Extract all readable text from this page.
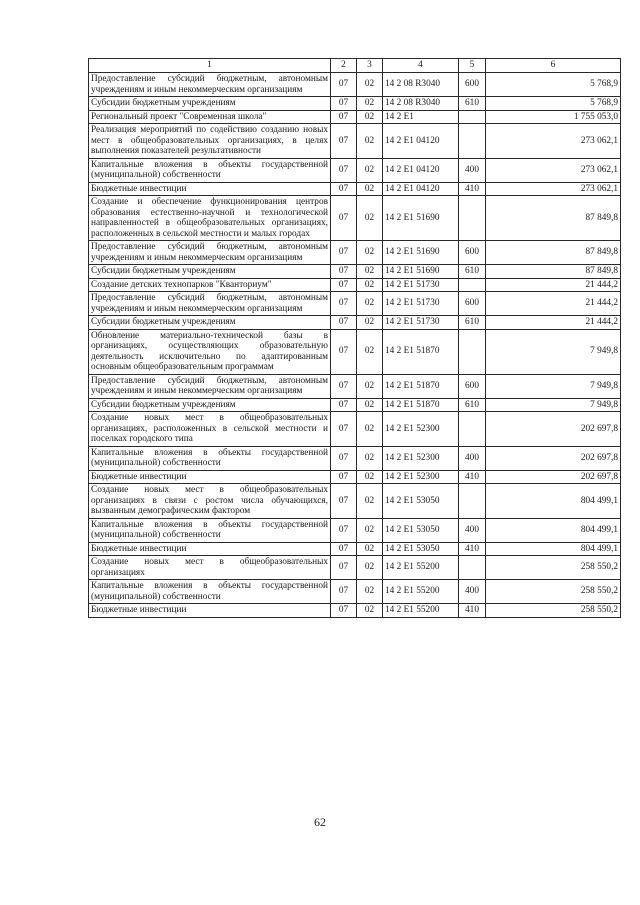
1	2	3	4	5	6
Предоставление субсидий бюджетным, автономным учреждениям и иным некоммерческим организациям	07	02	14 2 08 R3040	600	5 768,9
Субсидии бюджетным учреждениям	07	02	14 2 08 R3040	610	5 768,9
Региональный проект "Современная школа"	07	02	14 2 E1		1 755 053,0
Реализация мероприятий по содействию созданию новых мест в общеобразовательных организациях, в целях выполнения показателей результативности	07	02	14 2 E1 04120		273 062,1
Капитальные вложения в объекты государственной (муниципальной) собственности	07	02	14 2 E1 04120	400	273 062,1
Бюджетные инвестиции	07	02	14 2 E1 04120	410	273 062,1
Создание и обеспечение функционирования центров образования естественно-научной и технологической направленностей в общеобразовательных организациях, расположенных в сельской местности и малых городах	07	02	14 2 E1 51690		87 849,8
Предоставление субсидий бюджетным, автономным учреждениям и иным некоммерческим организациям	07	02	14 2 E1 51690	600	87 849,8
Субсидии бюджетным учреждениям	07	02	14 2 E1 51690	610	87 849,8
Создание детских технопарков "Кванториум"	07	02	14 2 E1 51730		21 444,2
Предоставление субсидий бюджетным, автономным учреждениям и иным некоммерческим организациям	07	02	14 2 E1 51730	600	21 444,2
Субсидии бюджетным учреждениям	07	02	14 2 E1 51730	610	21 444,2
Обновление материально-технической базы в организациях, осуществляющих образовательную деятельность исключительно по адаптированным основным общеобразовательным программам	07	02	14 2 E1 51870		7 949,8
Предоставление субсидий бюджетным, автономным учреждениям и иным некоммерческим организациям	07	02	14 2 E1 51870	600	7 949,8
Субсидии бюджетным учреждениям	07	02	14 2 E1 51870	610	7 949,8
Создание новых мест в общеобразовательных организациях, расположенных в сельской местности и поселках городского типа	07	02	14 2 E1 52300		202 697,8
Капитальные вложения в объекты государственной (муниципальной) собственности	07	02	14 2 E1 52300	400	202 697,8
Бюджетные инвестиции	07	02	14 2 E1 52300	410	202 697,8
Создание новых мест в общеобразовательных организациях в связи с ростом числа обучающихся, вызванным демографическим фактором	07	02	14 2 E1 53050		804 499,1
Капитальные вложения в объекты государственной (муниципальной) собственности	07	02	14 2 E1 53050	400	804 499,1
Бюджетные инвестиции	07	02	14 2 E1 53050	410	804 499,1
Создание новых мест в общеобразовательных организациях	07	02	14 2 E1 55200		258 550,2
Капитальные вложения в объекты государственной (муниципальной) собственности	07	02	14 2 E1 55200	400	258 550,2
Бюджетные инвестиции	07	02	14 2 E1 55200	410	258 550,2
62
